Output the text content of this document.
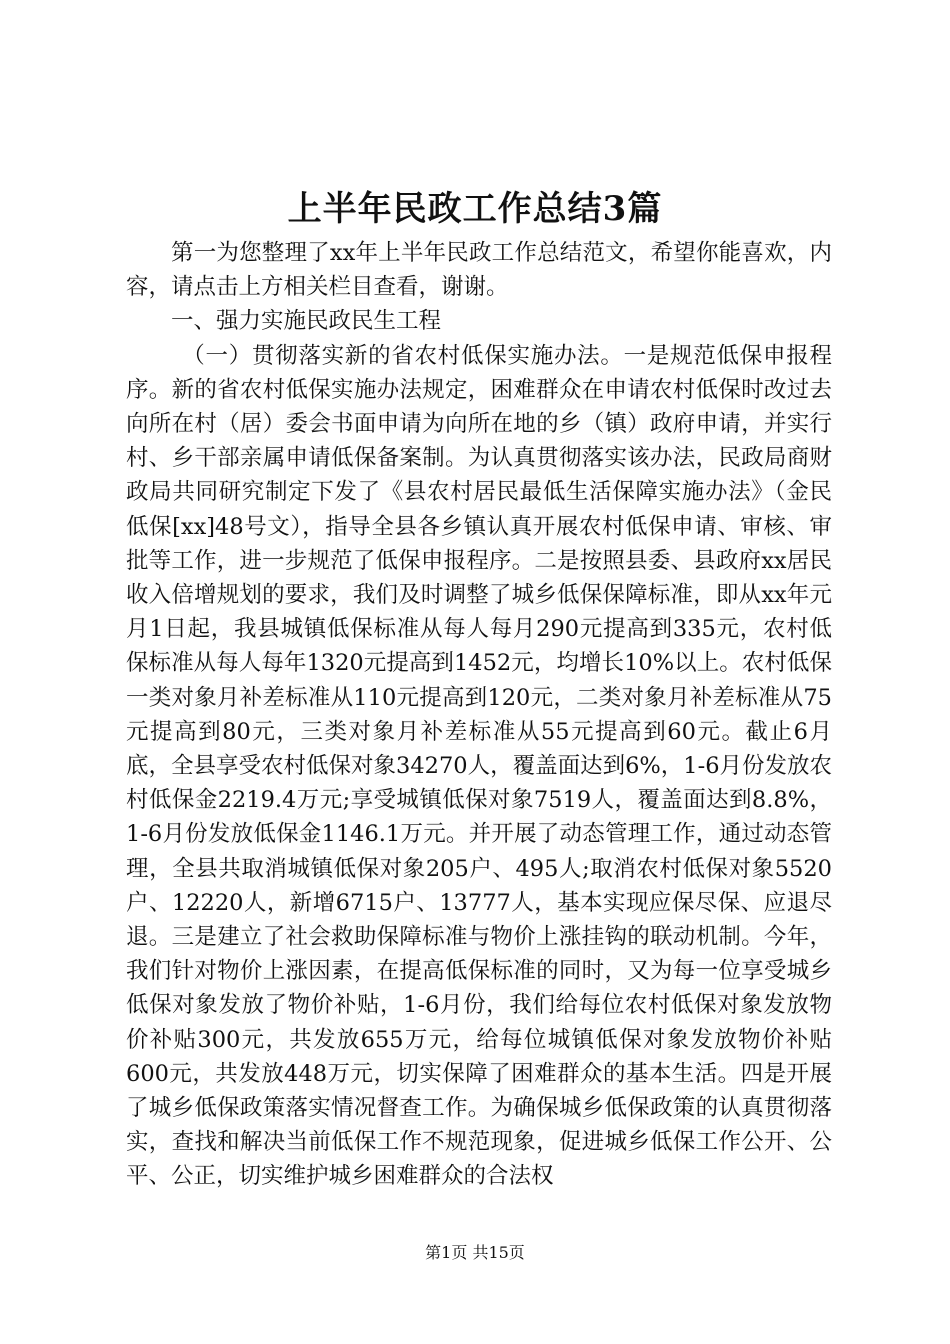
上半年民政工作总结3篇

第一为您整理了xx年上半年民政工作总结范文，希望你能喜欢，内容，请点击上方相关栏目查看，谢谢。

一、强力实施民政民生工程

（一）贯彻落实新的省农村低保实施办法。一是规范低保申报程序。新的省农村低保实施办法规定，困难群众在申请农村低保时改过去向所在村（居）委会书面申请为向所在地的乡（镇）政府申请，并实行村、乡干部亲属申请低保备案制。为认真贯彻落实该办法，民政局商财政局共同研究制定下发了《县农村居民最低生活保障实施办法》（金民低保[xx]48号文），指导全县各乡镇认真开展农村低保申请、审核、审批等工作，进一步规范了低保申报程序。二是按照县委、县政府xx居民收入倍增规划的要求，我们及时调整了城乡低保保障标准，即从xx年元月1日起，我县城镇低保标准从每人每月290元提高到335元，农村低保标准从每人每年1320元提高到1452元，均增长10%以上。农村低保一类对象月补差标准从110元提高到120元，二类对象月补差标准从75元提高到80元，三类对象月补差标准从55元提高到60元。截止6月底，全县享受农村低保对象34270人，覆盖面达到6%，1-6月份发放农村低保金2219.4万元;享受城镇低保对象7519人，覆盖面达到8.8%，1-6月份发放低保金1146.1万元。并开展了动态管理工作，通过动态管理，全县共取消城镇低保对象205户、495人;取消农村低保对象5520户、12220人，新增6715户、13777人，基本实现应保尽保、应退尽退。三是建立了社会救助保障标准与物价上涨挂钩的联动机制。今年，我们针对物价上涨因素，在提高低保标准的同时，又为每一位享受城乡低保对象发放了物价补贴，1-6月份，我们给每位农村低保对象发放物价补贴300元，共发放655万元，给每位城镇低保对象发放物价补贴600元，共发放448万元，切实保障了困难群众的基本生活。四是开展了城乡低保政策落实情况督查工作。为确保城乡低保政策的认真贯彻落实，查找和解决当前低保工作不规范现象，促进城乡低保工作公开、公平、公正，切实维护城乡困难群众的合法权

第1页 共15页
